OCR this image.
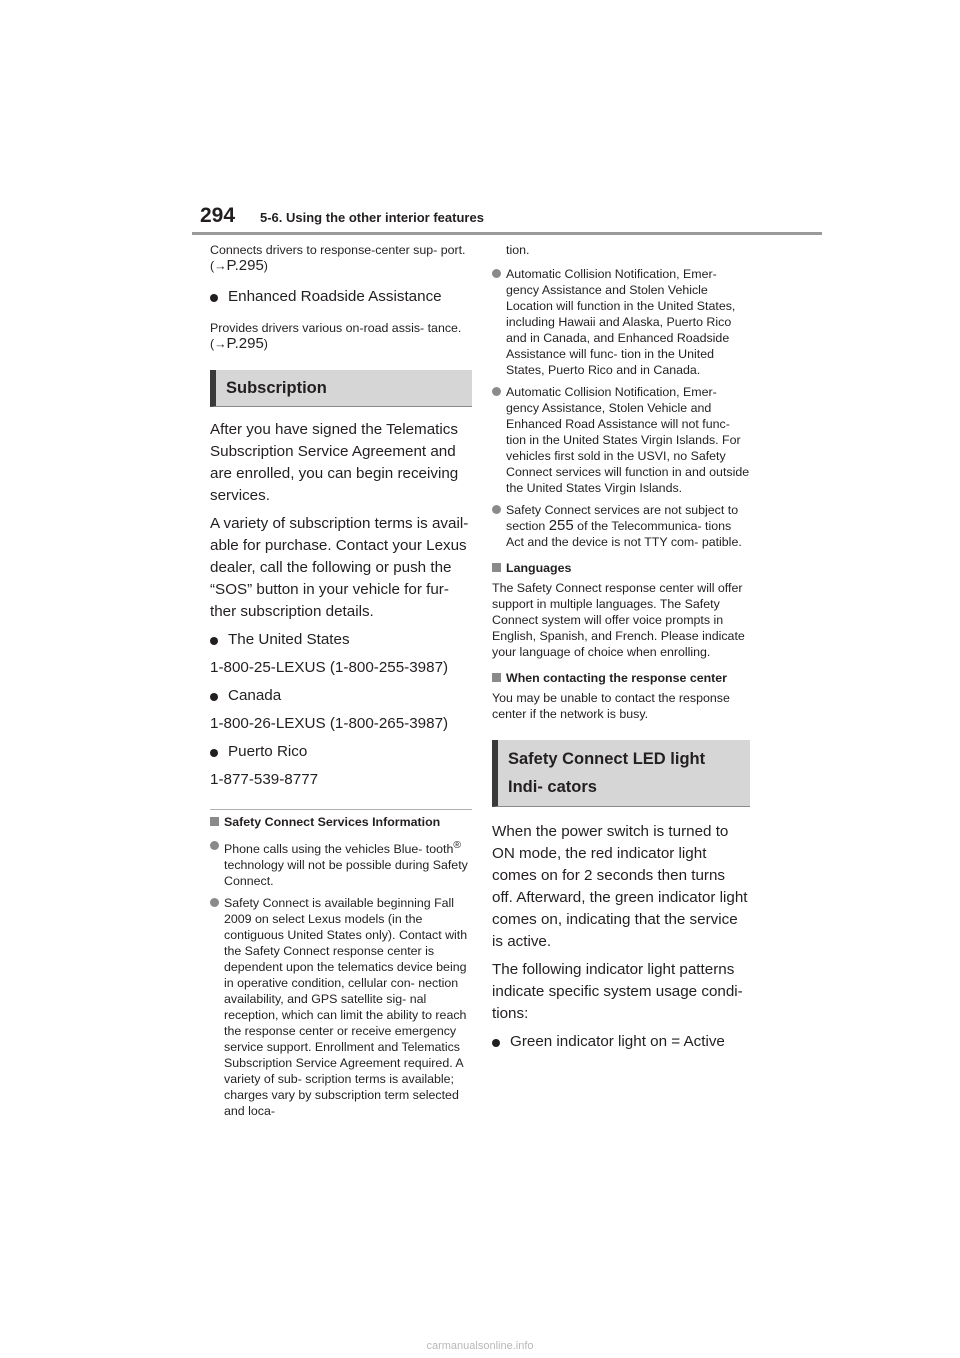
294 5-6. Using the other interior features

Connects drivers to response-center sup- port. (→P.295)

Enhanced Roadside Assistance

Provides drivers various on-road assis- tance. (→P.295)

Subscription

After you have signed the Telematics Subscription Service Agreement and are enrolled, you can begin receiving services.

A variety of subscription terms is avail- able for purchase. Contact your Lexus dealer, call the following or push the “SOS” button in your vehicle for fur- ther subscription details.

The United States

1-800-25-LEXUS (1-800-255-3987)

Canada

1-800-26-LEXUS (1-800-265-3987)

Puerto Rico

1-877-539-8777

Safety Connect Services Information

Phone calls using the vehicles Blue- tooth® technology will not be possible during Safety Connect.

Safety Connect is available beginning Fall 2009 on select Lexus models (in the contiguous United States only). Contact with the Safety Connect response center is dependent upon the telematics device being in operative condition, cellular con- nection availability, and GPS satellite sig- nal reception, which can limit the ability to reach the response center or receive emergency service support. Enrollment and Telematics Subscription Service Agreement required. A variety of sub- scription terms is available; charges vary by subscription term selected and loca-

tion.

Automatic Collision Notification, Emer- gency Assistance and Stolen Vehicle Location will function in the United States, including Hawaii and Alaska, Puerto Rico and in Canada, and Enhanced Roadside Assistance will func- tion in the United States, Puerto Rico and in Canada.

Automatic Collision Notification, Emer- gency Assistance, Stolen Vehicle and Enhanced Road Assistance will not func- tion in the United States Virgin Islands. For vehicles first sold in the USVI, no Safety Connect services will function in and outside the United States Virgin Islands.

Safety Connect services are not subject to section 255 of the Telecommunica- tions Act and the device is not TTY com- patible.

Languages

The Safety Connect response center will offer support in multiple languages. The Safety Connect system will offer voice prompts in English, Spanish, and French. Please indicate your language of choice when enrolling.

When contacting the response center

You may be unable to contact the response center if the network is busy.

Safety Connect LED light Indi- cators

When the power switch is turned to ON mode, the red indicator light comes on for 2 seconds then turns off. Afterward, the green indicator light comes on, indicating that the service is active.

The following indicator light patterns indicate specific system usage condi- tions:

Green indicator light on = Active

carmanualsonline.info
